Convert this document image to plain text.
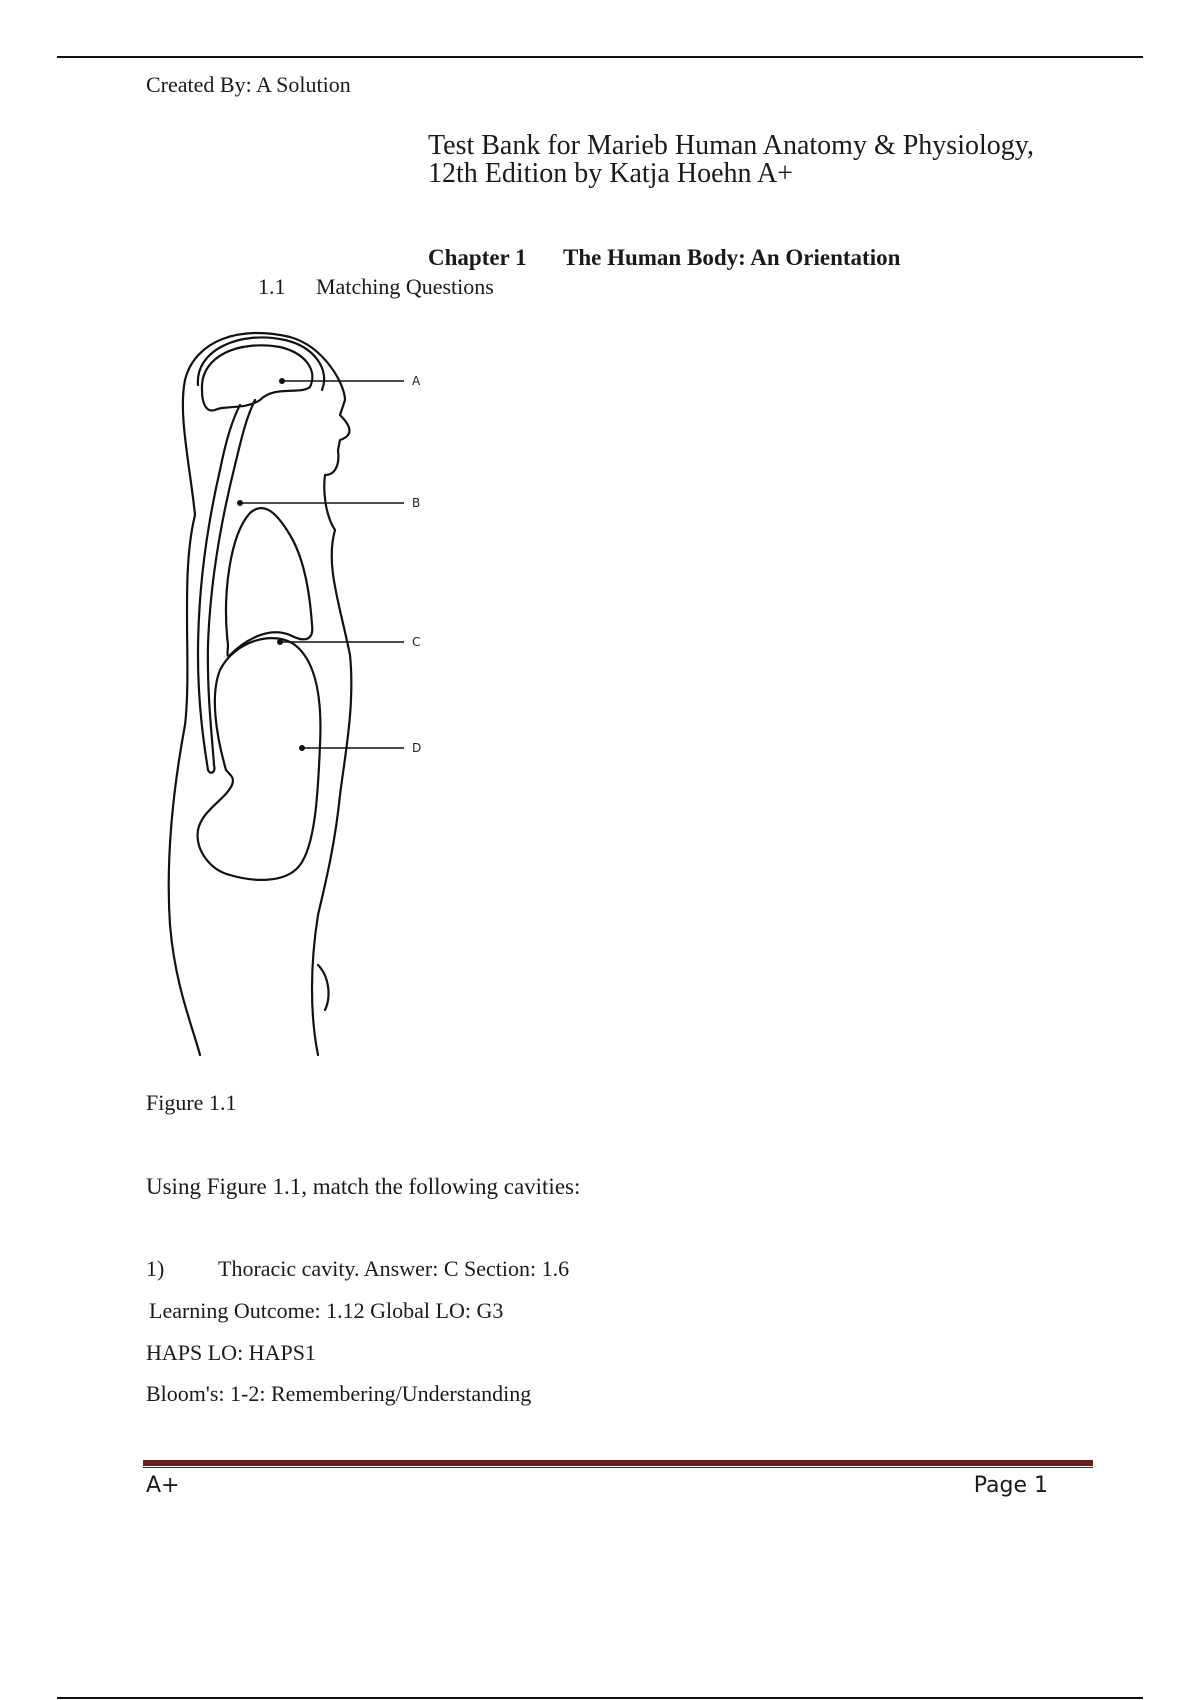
Created By: A Solution
Test Bank for Marieb Human Anatomy & Physiology,
12th Edition by Katja Hoehn A+
Chapter 1 The Human Body: An Orientation
1.1 Matching Questions
A
B
C
D
Figure 1.1
Using Figure 1.1, match the following cavities:
1) Thoracic cavity. Answer: C Section: 1.6
Learning Outcome: 1.12 Global LO: G3
HAPS LO: HAPS1
Bloom's: 1-2: Remembering/Understanding
A+	Page 1
